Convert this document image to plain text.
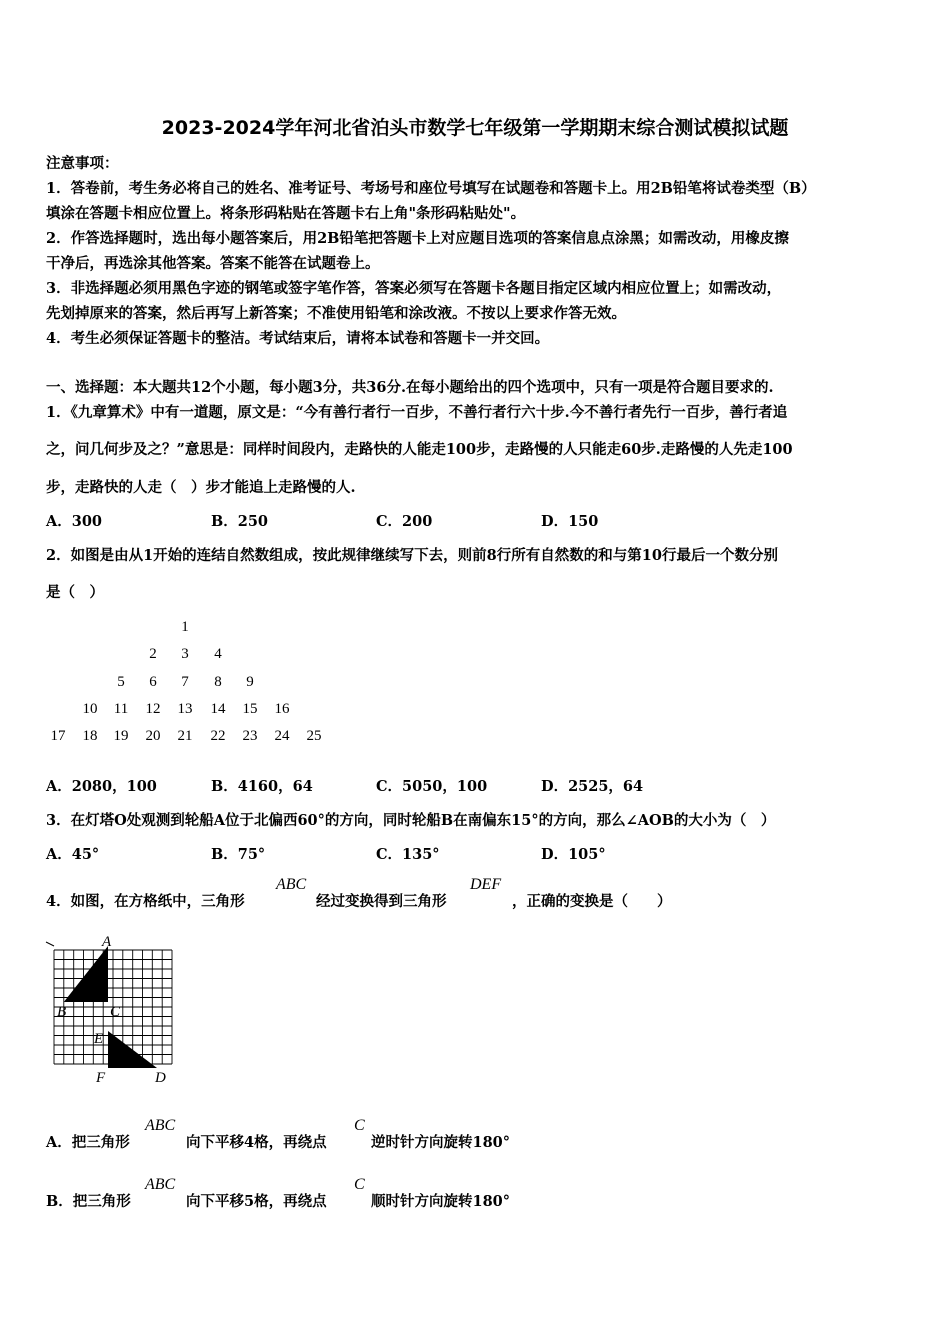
2023-2024学年河北省泊头市数学七年级第一学期期末综合测试模拟试题
注意事项：
1．答卷前，考生务必将自己的姓名、准考证号、考场号和座位号填写在试题卷和答题卡上。用2B铅笔将试卷类型（B）
填涂在答题卡相应位置上。将条形码粘贴在答题卡右上角"条形码粘贴处"。
2．作答选择题时，选出每小题答案后，用2B铅笔把答题卡上对应题目选项的答案信息点涂黑；如需改动，用橡皮擦
干净后，再选涂其他答案。答案不能答在试题卷上。
3．非选择题必须用黑色字迹的钢笔或签字笔作答，答案必须写在答题卡各题目指定区域内相应位置上；如需改动，
先划掉原来的答案，然后再写上新答案；不准使用铅笔和涂改液。不按以上要求作答无效。
4．考生必须保证答题卡的整洁。考试结束后，请将本试卷和答题卡一并交回。
一、选择题：本大题共12个小题，每小题3分，共36分.在每小题给出的四个选项中，只有一项是符合题目要求的.
1．《九章算术》中有一道题，原文是：“今有善行者行一百步，不善行者行六十步.今不善行者先行一百步，善行者追
之，问几何步及之？”意思是：同样时间段内，走路快的人能走100步，走路慢的人只能走60步.走路慢的人先走100
步，走路快的人走（　）步才能追上走路慢的人.
A．300	B．250	C．200	D．150
2．如图是由从1开始的连结自然数组成，按此规律继续写下去，则前8行所有自然数的和与第10行最后一个数分别
是（　）
1
2	3	4
5	6	7	8	9
10	11	12	13	14	15	16
17	18	19	20	21	22	23	24	25
A．2080，100	B．4160，64	C．5050，100	D．2525，64
3．在灯塔O处观测到轮船A位于北偏西60°的方向，同时轮船B在南偏东15°的方向，那么∠AOB的大小为（　）
A．45°	B．75°	C．135°	D．105°
4．如图，在方格纸中，三角形
ABC
经过变换得到三角形
DEF
，正确的变换是（　　）
A
B	C
E
F	D
A．把三角形
ABC
向下平移4格，再绕点
C
逆时针方向旋转180°
B．把三角形
ABC
向下平移5格，再绕点
C
顺时针方向旋转180°
